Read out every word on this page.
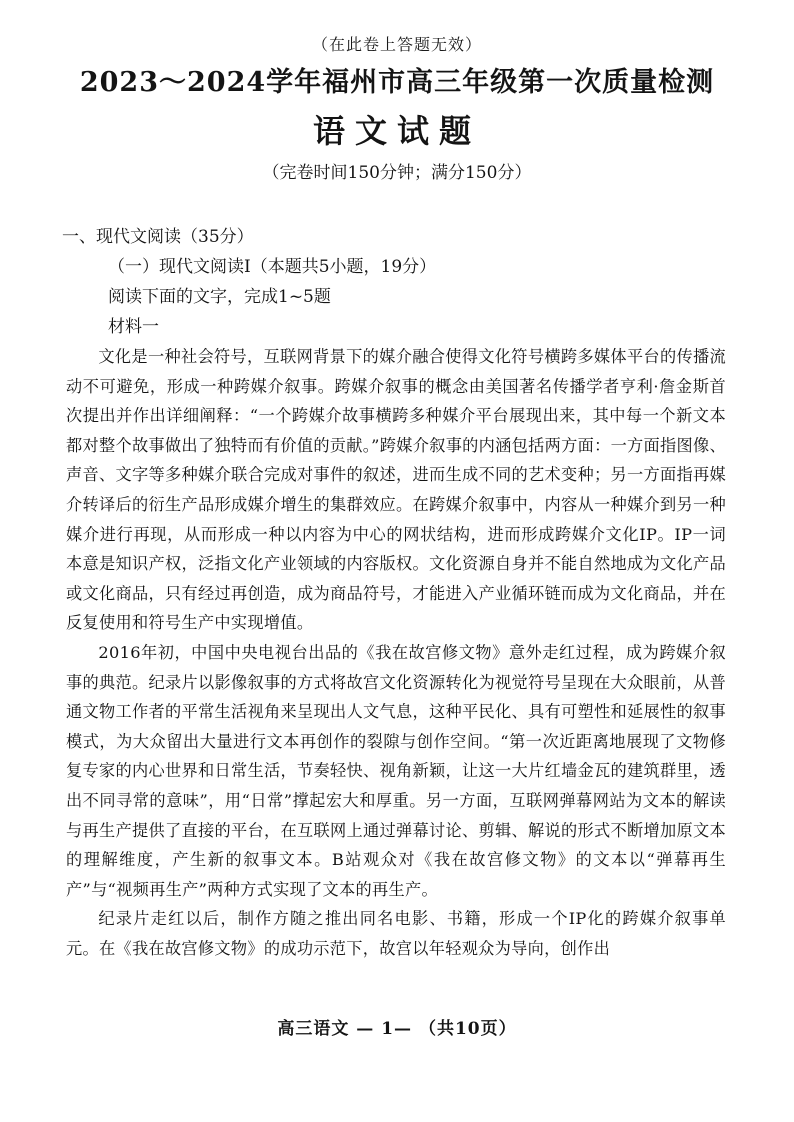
（在此卷上答题无效）
2023～2024学年福州市高三年级第一次质量检测
语文试题
（完卷时间150分钟；满分150分）
一、现代文阅读（35分）
（一）现代文阅读Ⅰ（本题共5小题，19分）
阅读下面的文字，完成1~5题
材料一

文化是一种社会符号，互联网背景下的媒介融合使得文化符号横跨多媒体平台的传播流动不可避免，形成一种跨媒介叙事。跨媒介叙事的概念由美国著名传播学者亨利·詹金斯首次提出并作出详细阐释：“一个跨媒介故事横跨多种媒介平台展现出来，其中每一个新文本都对整个故事做出了独特而有价值的贡献。”跨媒介叙事的内涵包括两方面：一方面指图像、声音、文字等多种媒介联合完成对事件的叙述，进而生成不同的艺术变种；另一方面指再媒介转译后的衍生产品形成媒介增生的集群效应。在跨媒介叙事中，内容从一种媒介到另一种媒介进行再现，从而形成一种以内容为中心的网状结构，进而形成跨媒介文化IP。IP一词本意是知识产权，泛指文化产业领域的内容版权。文化资源自身并不能自然地成为文化产品或文化商品，只有经过再创造，成为商品符号，才能进入产业循环链而成为文化商品，并在反复使用和符号生产中实现增值。

2016年初，中国中央电视台出品的《我在故宫修文物》意外走红过程，成为跨媒介叙事的典范。纪录片以影像叙事的方式将故宫文化资源转化为视觉符号呈现在大众眼前，从普通文物工作者的平常生活视角来呈现出人文气息，这种平民化、具有可塑性和延展性的叙事模式，为大众留出大量进行文本再创作的裂隙与创作空间。“第一次近距离地展现了文物修复专家的内心世界和日常生活，节奏轻快、视角新颖，让这一大片红墙金瓦的建筑群里，透出不同寻常的意味”，用“日常”撑起宏大和厚重。另一方面，互联网弹幕网站为文本的解读与再生产提供了直接的平台，在互联网上通过弹幕讨论、剪辑、解说的形式不断增加原文本的理解维度，产生新的叙事文本。B站观众对《我在故宫修文物》的文本以“弹幕再生产”与“视频再生产”两种方式实现了文本的再生产。

纪录片走红以后，制作方随之推出同名电影、书籍，形成一个IP化的跨媒介叙事单元。在《我在故宫修文物》的成功示范下，故宫以年轻观众为导向，创作出

高三语文 — 1— （共10页）
